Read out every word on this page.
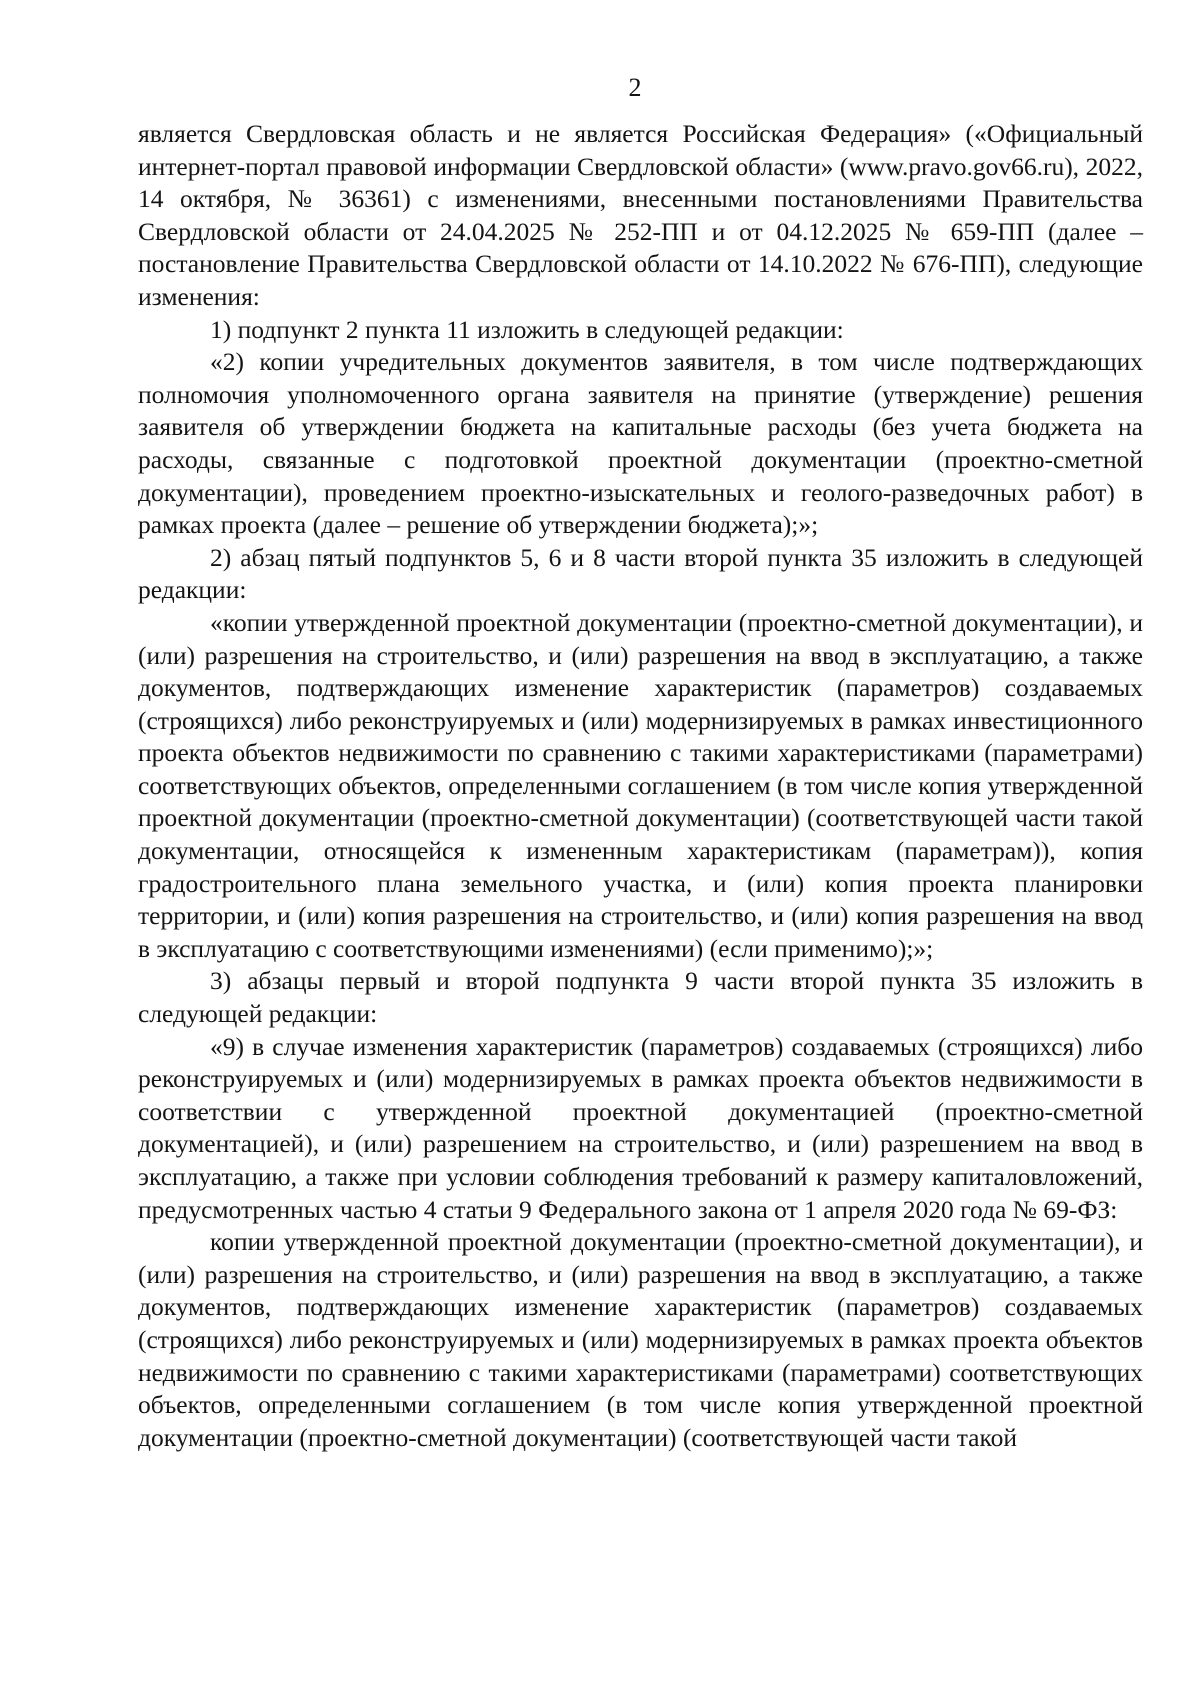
2

является Свердловская область и не является Российская Федерация» («Официальный интернет-портал правовой информации Свердловской области» (www.pravo.gov66.ru), 2022, 14 октября, № 36361) с изменениями, внесенными постановлениями Правительства Свердловской области от 24.04.2025 № 252-ПП и от 04.12.2025 № 659-ПП (далее – постановление Правительства Свердловской области от 14.10.2022 № 676-ПП), следующие изменения:

1) подпункт 2 пункта 11 изложить в следующей редакции:

«2) копии учредительных документов заявителя, в том числе подтверждающих полномочия уполномоченного органа заявителя на принятие (утверждение) решения заявителя об утверждении бюджета на капитальные расходы (без учета бюджета на расходы, связанные с подготовкой проектной документации (проектно-сметной документации), проведением проектно-изыскательных и геолого-разведочных работ) в рамках проекта (далее – решение об утверждении бюджета);»;

2) абзац пятый подпунктов 5, 6 и 8 части второй пункта 35 изложить в следующей редакции:

«копии утвержденной проектной документации (проектно-сметной документации), и (или) разрешения на строительство, и (или) разрешения на ввод в эксплуатацию, а также документов, подтверждающих изменение характеристик (параметров) создаваемых (строящихся) либо реконструируемых и (или) модернизируемых в рамках инвестиционного проекта объектов недвижимости по сравнению с такими характеристиками (параметрами) соответствующих объектов, определенными соглашением (в том числе копия утвержденной проектной документации (проектно-сметной документации) (соответствующей части такой документации, относящейся к измененным характеристикам (параметрам)), копия градостроительного плана земельного участка, и (или) копия проекта планировки территории, и (или) копия разрешения на строительство, и (или) копия разрешения на ввод в эксплуатацию с соответствующими изменениями) (если применимо);»;

3) абзацы первый и второй подпункта 9 части второй пункта 35 изложить в следующей редакции:

«9) в случае изменения характеристик (параметров) создаваемых (строящихся) либо реконструируемых и (или) модернизируемых в рамках проекта объектов недвижимости в соответствии с утвержденной проектной документацией (проектно-сметной документацией), и (или) разрешением на строительство, и (или) разрешением на ввод в эксплуатацию, а также при условии соблюдения требований к размеру капиталовложений, предусмотренных частью 4 статьи 9 Федерального закона от 1 апреля 2020 года № 69-ФЗ:

копии утвержденной проектной документации (проектно-сметной документации), и (или) разрешения на строительство, и (или) разрешения на ввод в эксплуатацию, а также документов, подтверждающих изменение характеристик (параметров) создаваемых (строящихся) либо реконструируемых и (или) модернизируемых в рамках проекта объектов недвижимости по сравнению с такими характеристиками (параметрами) соответствующих объектов, определенными соглашением (в том числе копия утвержденной проектной документации (проектно-сметной документации) (соответствующей части такой
